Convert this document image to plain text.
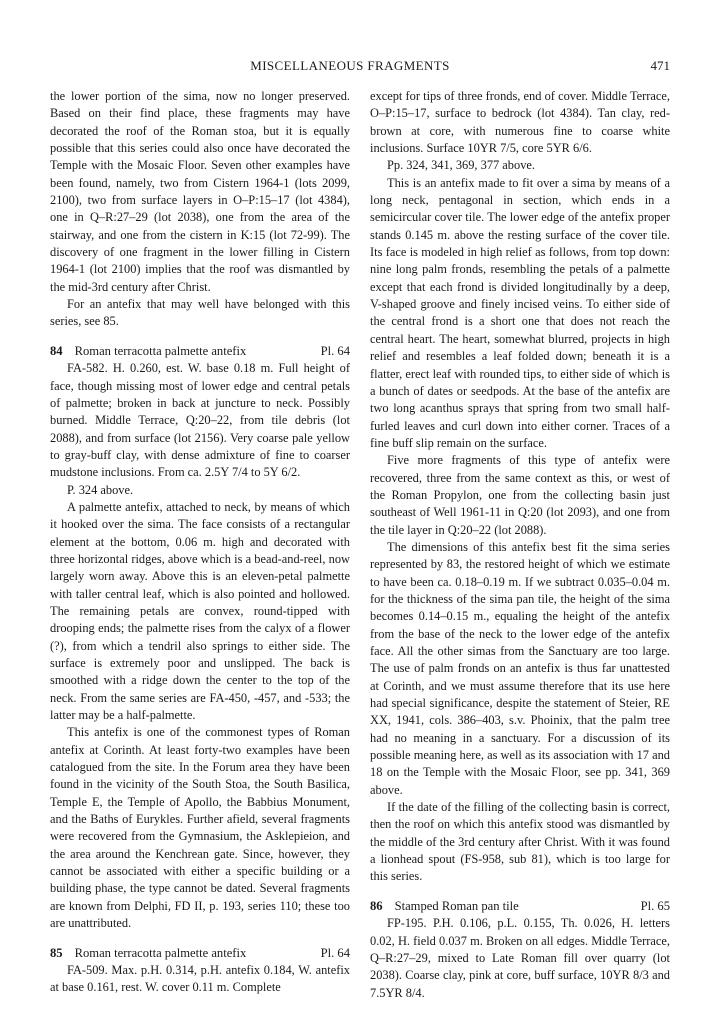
MISCELLANEOUS FRAGMENTS	471

the lower portion of the sima, now no longer preserved. Based on their find place, these fragments may have decorated the roof of the Roman stoa, but it is equally possible that this series could also once have decorated the Temple with the Mosaic Floor. Seven other examples have been found, namely, two from Cistern 1964-1 (lots 2099, 2100), two from surface layers in O–P:15–17 (lot 4384), one in Q–R:27–29 (lot 2038), one from the area of the stairway, and one from the cistern in K:15 (lot 72-99). The discovery of one fragment in the lower filling in Cistern 1964-1 (lot 2100) implies that the roof was dismantled by the mid-3rd century after Christ.

For an antefix that may well have belonged with this series, see 85.

84 Roman terracotta palmette antefix	Pl. 64

FA-582. H. 0.260, est. W. base 0.18 m. Full height of face, though missing most of lower edge and central petals of palmette; broken in back at juncture to neck. Possibly burned. Middle Terrace, Q:20–22, from tile debris (lot 2088), and from surface (lot 2156). Very coarse pale yellow to gray-buff clay, with dense admixture of fine to coarser mudstone inclusions. From ca. 2.5Y 7/4 to 5Y 6/2.

P. 324 above.

A palmette antefix, attached to neck, by means of which it hooked over the sima. The face consists of a rectangular element at the bottom, 0.06 m. high and decorated with three horizontal ridges, above which is a bead-and-reel, now largely worn away. Above this is an eleven-petal palmette with taller central leaf, which is also pointed and hollowed. The remaining petals are convex, round-tipped with drooping ends; the palmette rises from the calyx of a flower (?), from which a tendril also springs to either side. The surface is extremely poor and unslipped. The back is smoothed with a ridge down the center to the top of the neck. From the same series are FA-450, -457, and -533; the latter may be a half-palmette.

This antefix is one of the commonest types of Roman antefix at Corinth. At least forty-two examples have been catalogued from the site. In the Forum area they have been found in the vicinity of the South Stoa, the South Basilica, Temple E, the Temple of Apollo, the Babbius Monument, and the Baths of Eurykles. Further afield, several fragments were recovered from the Gymnasium, the Asklepieion, and the area around the Kenchrean gate. Since, however, they cannot be associated with either a specific building or a building phase, the type cannot be dated. Several fragments are known from Delphi, FD II, p. 193, series 110; these too are unattributed.

85 Roman terracotta palmette antefix	Pl. 64

FA-509. Max. p.H. 0.314, p.H. antefix 0.184, W. antefix at base 0.161, rest. W. cover 0.11 m. Complete

except for tips of three fronds, end of cover. Middle Terrace, O–P:15–17, surface to bedrock (lot 4384). Tan clay, red-brown at core, with numerous fine to coarse white inclusions. Surface 10YR 7/5, core 5YR 6/6.

Pp. 324, 341, 369, 377 above.

This is an antefix made to fit over a sima by means of a long neck, pentagonal in section, which ends in a semicircular cover tile. The lower edge of the antefix proper stands 0.145 m. above the resting surface of the cover tile. Its face is modeled in high relief as follows, from top down: nine long palm fronds, resembling the petals of a palmette except that each frond is divided longitudinally by a deep, V-shaped groove and finely incised veins. To either side of the central frond is a short one that does not reach the central heart. The heart, somewhat blurred, projects in high relief and resembles a leaf folded down; beneath it is a flatter, erect leaf with rounded tips, to either side of which is a bunch of dates or seedpods. At the base of the antefix are two long acanthus sprays that spring from two small half-furled leaves and curl down into either corner. Traces of a fine buff slip remain on the surface.

Five more fragments of this type of antefix were recovered, three from the same context as this, or west of the Roman Propylon, one from the collecting basin just southeast of Well 1961-11 in Q:20 (lot 2093), and one from the tile layer in Q:20–22 (lot 2088).

The dimensions of this antefix best fit the sima series represented by 83, the restored height of which we estimate to have been ca. 0.18–0.19 m. If we subtract 0.035–0.04 m. for the thickness of the sima pan tile, the height of the sima becomes 0.14–0.15 m., equaling the height of the antefix from the base of the neck to the lower edge of the antefix face. All the other simas from the Sanctuary are too large. The use of palm fronds on an antefix is thus far unattested at Corinth, and we must assume therefore that its use here had special significance, despite the statement of Steier, RE XX, 1941, cols. 386–403, s.v. Phoinix, that the palm tree had no meaning in a sanctuary. For a discussion of its possible meaning here, as well as its association with 17 and 18 on the Temple with the Mosaic Floor, see pp. 341, 369 above.

If the date of the filling of the collecting basin is correct, then the roof on which this antefix stood was dismantled by the middle of the 3rd century after Christ. With it was found a lionhead spout (FS-958, sub 81), which is too large for this series.

86 Stamped Roman pan tile	Pl. 65

FP-195. P.H. 0.106, p.L. 0.155, Th. 0.026, H. letters 0.02, H. field 0.037 m. Broken on all edges. Middle Terrace, Q–R:27–29, mixed to Late Roman fill over quarry (lot 2038). Coarse clay, pink at core, buff surface, 10YR 8/3 and 7.5YR 8/4.
